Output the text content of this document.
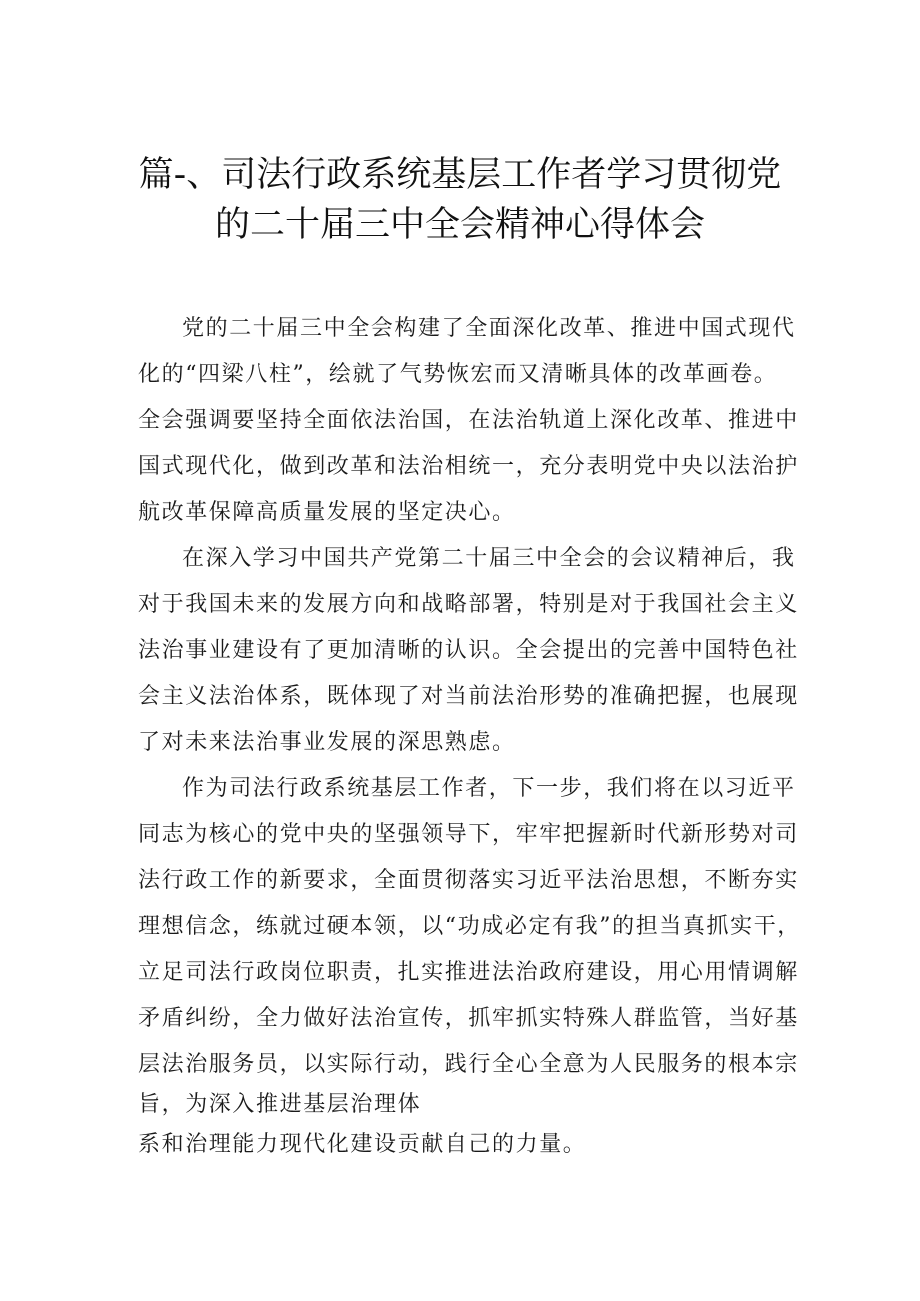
篇-、司法行政系统基层工作者学习贯彻党
的二十届三中全会精神心得体会
党的二十届三中全会构建了全面深化改革、推进中国式现代
化的“四梁八柱”，绘就了气势恢宏而又清晰具体的改革画卷。
全会强调要坚持全面依法治国，在法治轨道上深化改革、推进中
国式现代化，做到改革和法治相统一，充分表明党中央以法治护
航改革保障高质量发展的坚定决心。
在深入学习中国共产党第二十届三中全会的会议精神后，我
对于我国未来的发展方向和战略部署，特别是对于我国社会主义
法治事业建设有了更加清晰的认识。全会提出的完善中国特色社
会主义法治体系，既体现了对当前法治形势的准确把握，也展现
了对未来法治事业发展的深思熟虑。
作为司法行政系统基层工作者，下一步，我们将在以习近平
同志为核心的党中央的坚强领导下，牢牢把握新时代新形势对司
法行政工作的新要求，全面贯彻落实习近平法治思想，不断夯实
理想信念，练就过硬本领，以“功成必定有我”的担当真抓实干，
立足司法行政岗位职责，扎实推进法治政府建设，用心用情调解
矛盾纠纷，全力做好法治宣传，抓牢抓实特殊人群监管，当好基
层法治服务员，以实际行动，践行全心全意为人民服务的根本宗
旨，为深入推进基层治理体
系和治理能力现代化建设贡献自己的力量。
